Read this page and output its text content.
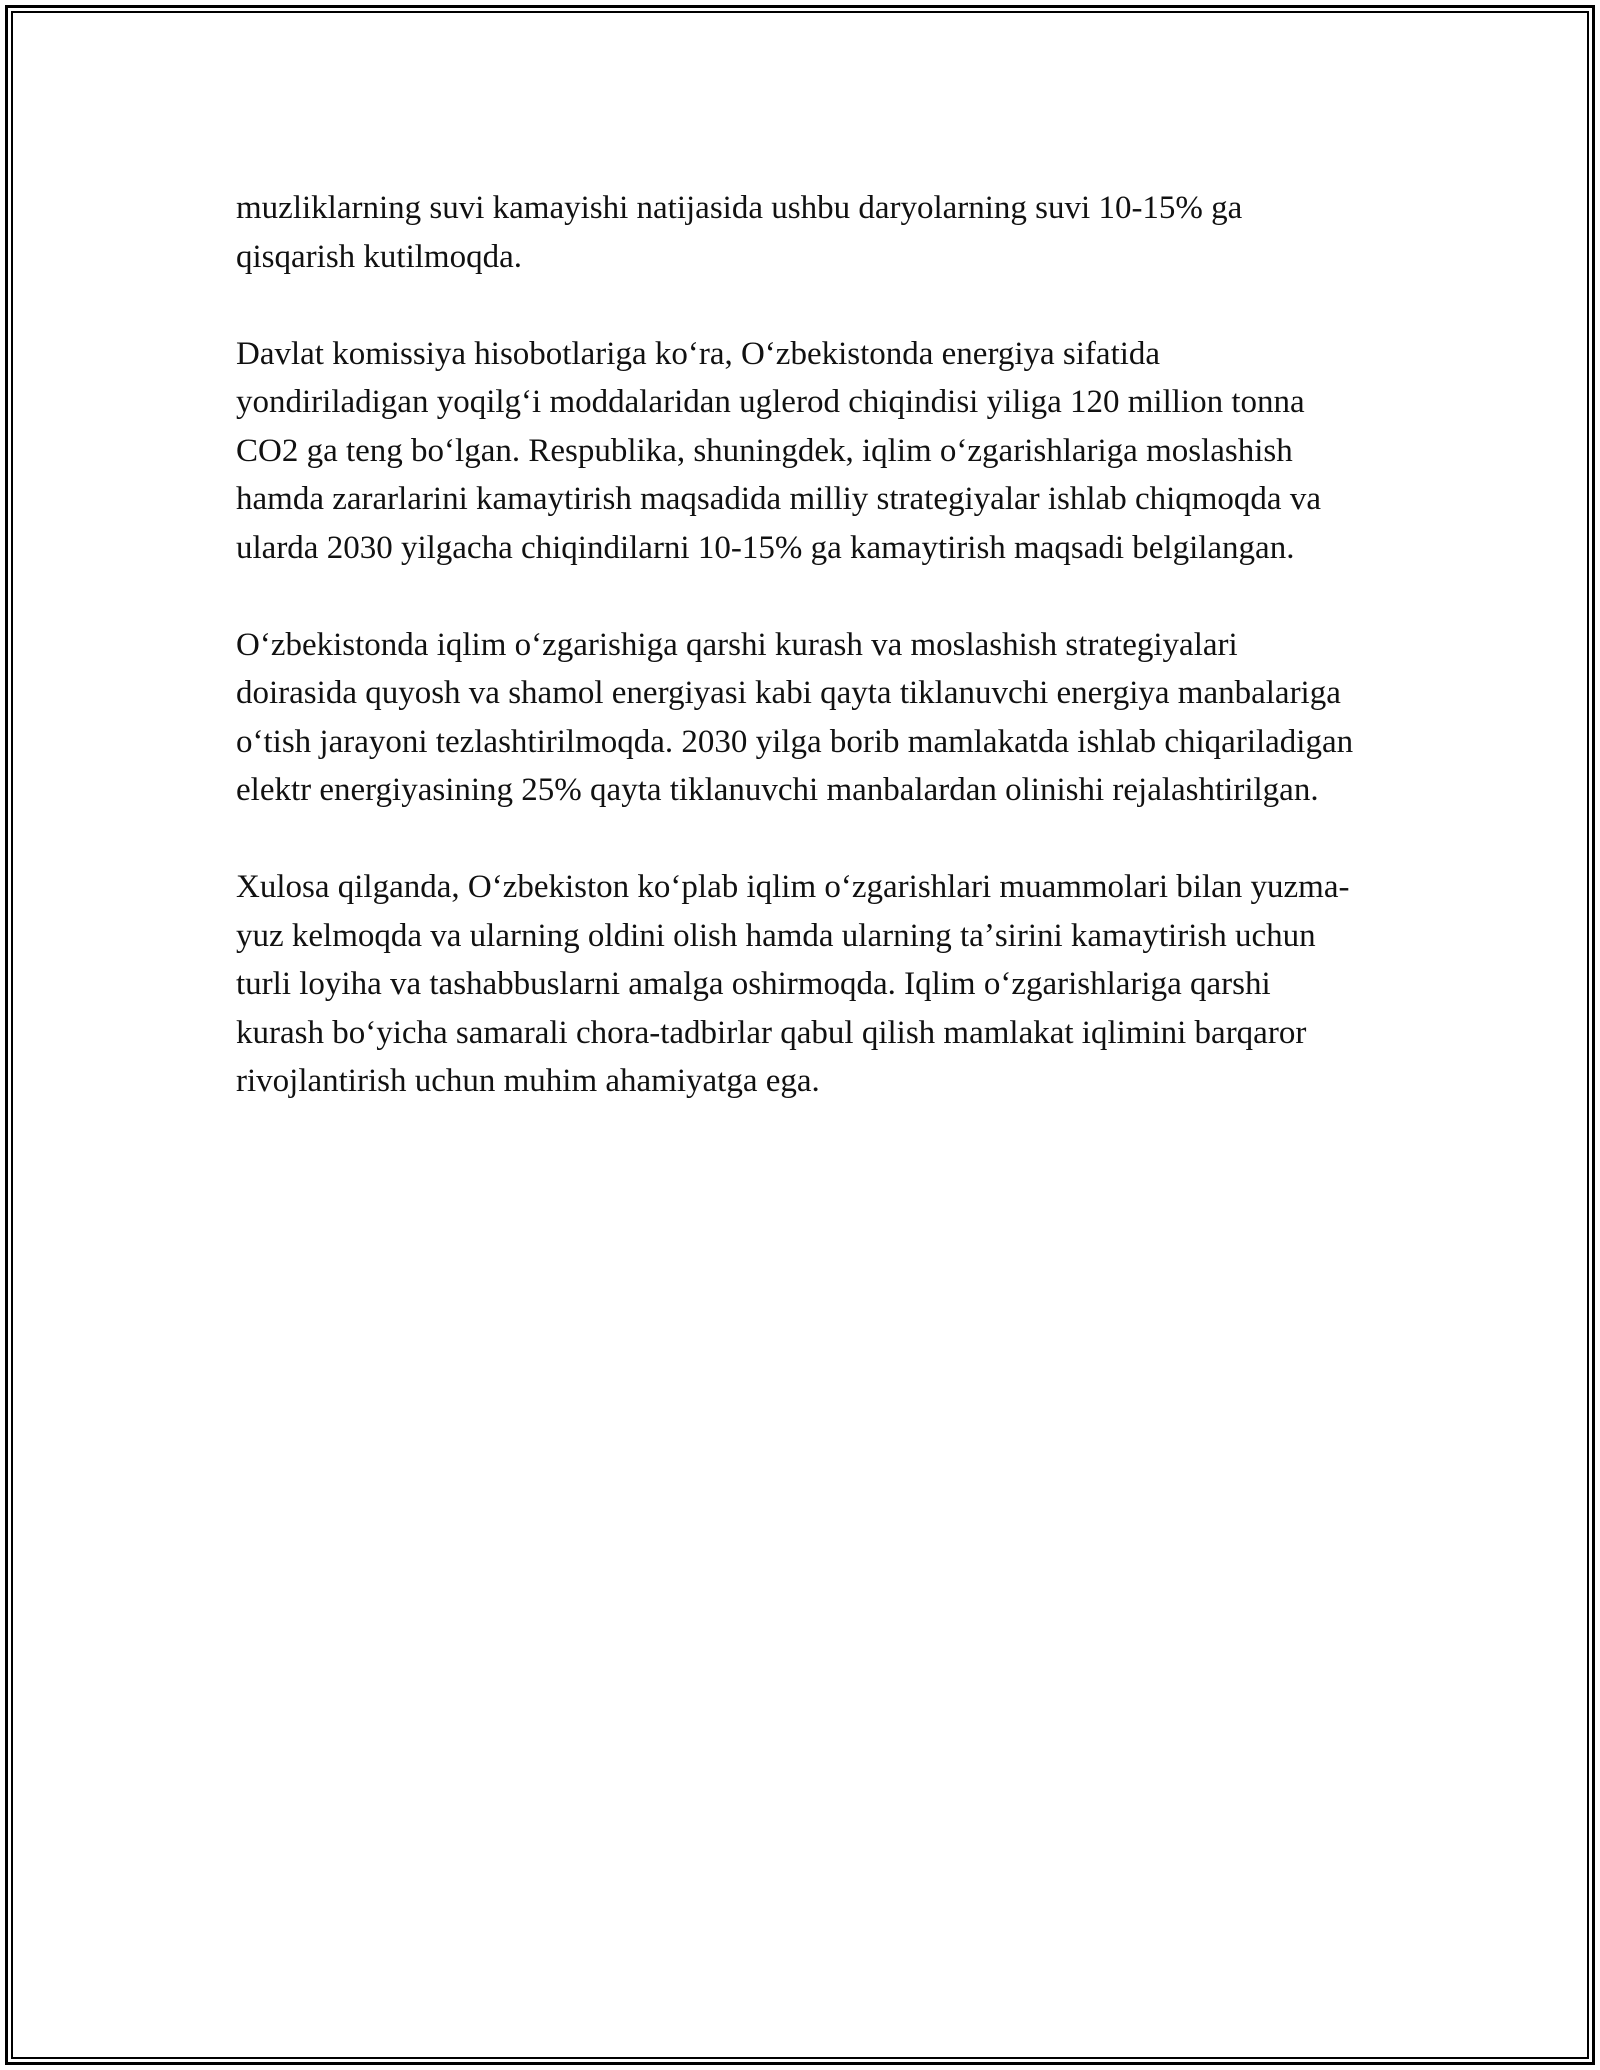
muzliklarning suvi kamayishi natijasida ushbu daryolarning suvi 10-15% ga qisqarish kutilmoqda.

Davlat komissiya hisobotlariga koʻra, Oʻzbekistonda energiya sifatida yondiriladigan yoqilgʻi moddalaridan uglerod chiqindisi yiliga 120 million tonna CO2 ga teng boʻlgan. Respublika, shuningdek, iqlim oʻzgarishlariga moslashish hamda zararlarini kamaytirish maqsadida milliy strategiyalar ishlab chiqmoqda va ularda 2030 yilgacha chiqindilarni 10-15% ga kamaytirish maqsadi belgilangan.

Oʻzbekistonda iqlim oʻzgarishiga qarshi kurash va moslashish strategiyalari doirasida quyosh va shamol energiyasi kabi qayta tiklanuvchi energiya manbalariga oʻtish jarayoni tezlashtirilmoqda. 2030 yilga borib mamlakatda ishlab chiqariladigan elektr energiyasining 25% qayta tiklanuvchi manbalardan olinishi rejalashtirilgan.

Xulosa qilganda, Oʻzbekiston koʻplab iqlim oʻzgarishlari muammolari bilan yuzma-yuz kelmoqda va ularning oldini olish hamda ularning taʼsirini kamaytirish uchun turli loyiha va tashabbuslarni amalga oshirmoqda. Iqlim oʻzgarishlariga qarshi kurash boʻyicha samarali chora-tadbirlar qabul qilish mamlakat iqlimini barqaror rivojlantirish uchun muhim ahamiyatga ega.
